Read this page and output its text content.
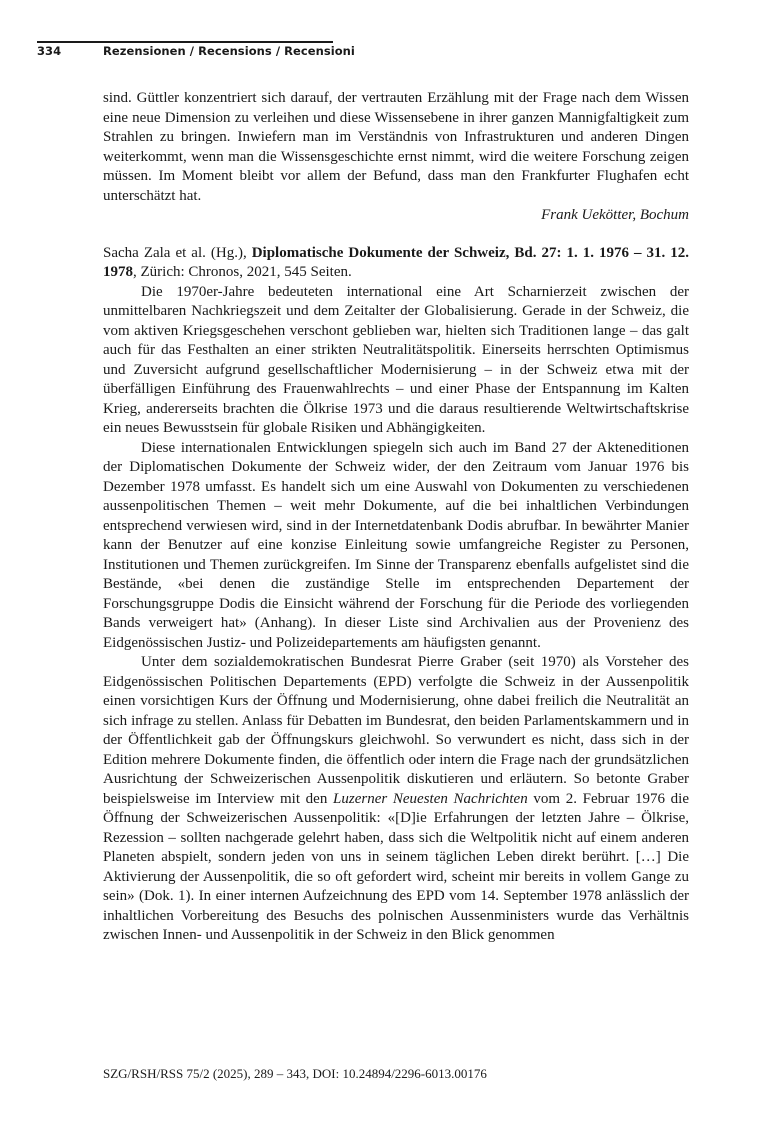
334	Rezensionen / Recensions / Recensioni

sind. Güttler konzentriert sich darauf, der vertrauten Erzählung mit der Frage nach dem Wissen eine neue Dimension zu verleihen und diese Wissensebene in ihrer ganzen Mannigfaltigkeit zum Strahlen zu bringen. Inwiefern man im Verständnis von Infrastrukturen und anderen Dingen weiterkommt, wenn man die Wissensgeschichte ernst nimmt, wird die weitere Forschung zeigen müssen. Im Moment bleibt vor allem der Befund, dass man den Frankfurter Flughafen echt unterschätzt hat.

Frank Uekötter, Bochum

Sacha Zala et al. (Hg.), Diplomatische Dokumente der Schweiz, Bd. 27: 1. 1. 1976 – 31. 12. 1978, Zürich: Chronos, 2021, 545 Seiten.

Die 1970er-Jahre bedeuteten international eine Art Scharnierzeit zwischen der unmittelbaren Nachkriegszeit und dem Zeitalter der Globalisierung. Gerade in der Schweiz, die vom aktiven Kriegsgeschehen verschont geblieben war, hielten sich Traditionen lange – das galt auch für das Festhalten an einer strikten Neutralitätspolitik. Einerseits herrschten Optimismus und Zuversicht aufgrund gesellschaftlicher Modernisierung – in der Schweiz etwa mit der überfälligen Einführung des Frauenwahlrechts – und einer Phase der Entspannung im Kalten Krieg, andererseits brachten die Ölkrise 1973 und die daraus resultierende Weltwirtschaftskrise ein neues Bewusstsein für globale Risiken und Abhängigkeiten.

Diese internationalen Entwicklungen spiegeln sich auch im Band 27 der Akteneditionen der Diplomatischen Dokumente der Schweiz wider, der den Zeitraum vom Januar 1976 bis Dezember 1978 umfasst. Es handelt sich um eine Auswahl von Dokumenten zu verschiedenen aussenpolitischen Themen – weit mehr Dokumente, auf die bei inhaltlichen Verbindungen entsprechend verwiesen wird, sind in der Internetdatenbank Dodis abrufbar. In bewährter Manier kann der Benutzer auf eine konzise Einleitung sowie umfangreiche Register zu Personen, Institutionen und Themen zurückgreifen. Im Sinne der Transparenz ebenfalls aufgelistet sind die Bestände, «bei denen die zuständige Stelle im entsprechenden Departement der Forschungsgruppe Dodis die Einsicht während der Forschung für die Periode des vorliegenden Bands verweigert hat» (Anhang). In dieser Liste sind Archivalien aus der Provenienz des Eidgenössischen Justiz- und Polizeidepartements am häufigsten genannt.

Unter dem sozialdemokratischen Bundesrat Pierre Graber (seit 1970) als Vorsteher des Eidgenössischen Politischen Departements (EPD) verfolgte die Schweiz in der Aussenpolitik einen vorsichtigen Kurs der Öffnung und Modernisierung, ohne dabei freilich die Neutralität an sich infrage zu stellen. Anlass für Debatten im Bundesrat, den beiden Parlamentskammern und in der Öffentlichkeit gab der Öffnungskurs gleichwohl. So verwundert es nicht, dass sich in der Edition mehrere Dokumente finden, die öffentlich oder intern die Frage nach der grundsätzlichen Ausrichtung der Schweizerischen Aussenpolitik diskutieren und erläutern. So betonte Graber beispielsweise im Interview mit den Luzerner Neuesten Nachrichten vom 2. Februar 1976 die Öffnung der Schweizerischen Aussenpolitik: «[D]ie Erfahrungen der letzten Jahre – Ölkrise, Rezession – sollten nachgerade gelehrt haben, dass sich die Weltpolitik nicht auf einem anderen Planeten abspielt, sondern jeden von uns in seinem täglichen Leben direkt berührt. […] Die Aktivierung der Aussenpolitik, die so oft gefordert wird, scheint mir bereits in vollem Gange zu sein» (Dok. 1). In einer internen Aufzeichnung des EPD vom 14. September 1978 anlässlich der inhaltlichen Vorbereitung des Besuchs des polnischen Aussenministers wurde das Verhältnis zwischen Innen- und Aussenpolitik in der Schweiz in den Blick genommen

SZG/RSH/RSS 75/2 (2025), 289 – 343, DOI: 10.24894/2296-6013.00176
